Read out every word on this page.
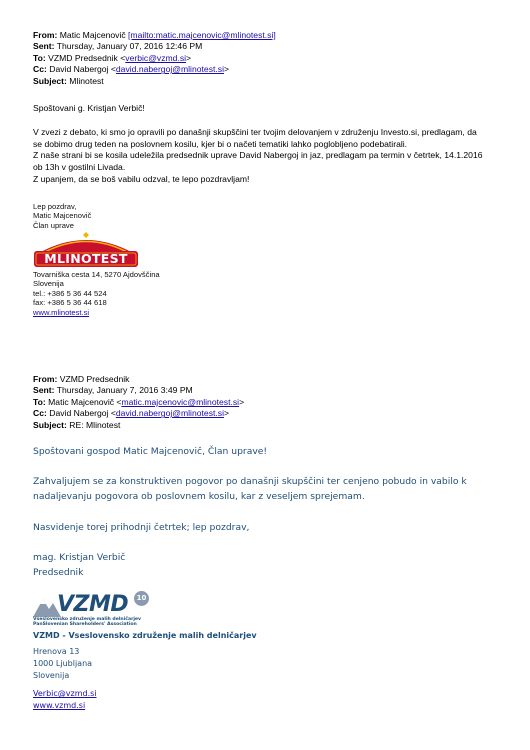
From: Matic Majcenovič [mailto:matic.majcenovic@mlinotest.si]
Sent: Thursday, January 07, 2016 12:46 PM
To: VZMD Predsednik <verbic@vzmd.si>
Cc: David Nabergoj <david.nabergoj@mlinotest.si>
Subject: Mlinotest
Spoštovani g. Kristjan Verbič!
V zvezi z debato, ki smo jo opravili po današnji skupščini ter tvojim delovanjem v združenju Investo.si, predlagam, da
se dobimo drug teden na poslovnem kosilu, kjer bi o načeti tematiki lahko poglobljeno podebatirali.
Z naše strani bi se kosila udeležila predsednik uprave David Nabergoj in jaz, predlagam pa termin v četrtek, 14.1.2016
ob 13h v gostilni Livada.
Z upanjem, da se boš vabilu odzval, te lepo pozdravljam!
Lep pozdrav,
Matic Majcenovič
Član uprave
MLINOTEST
Tovarniška cesta 14, 5270 Ajdovščina
Slovenija
tel.: +386 5 36 44 524
fax: +386 5 36 44 618
www.mlinotest.si
From: VZMD Predsednik
Sent: Thursday, January 7, 2016 3:49 PM
To: Matic Majcenovič <matic.majcenovic@mlinotest.si>
Cc: David Nabergoj <david.nabergoj@mlinotest.si>
Subject: RE: Mlinotest

Spoštovani gospod Matic Majcenovič, Član uprave!

Zahvaljujem se za konstruktiven pogovor po današnji skupščini ter cenjeno pobudo in vabilo k

nadaljevanju pogovora ob poslovnem kosilu, kar z veseljem sprejemam.

Nasvidenje torej prihodnji četrtek; lep pozdrav,

mag. Kristjan Verbič

Predsednik

VZMD	10
Vseslovensko združenje malih delničarjev
PanSlovenian Shareholders' Association
VZMD - Vseslovensko združenje malih delničarjev
Hrenova 13
1000 Ljubljana
Slovenija
Verbic@vzmd.si
www.vzmd.si
